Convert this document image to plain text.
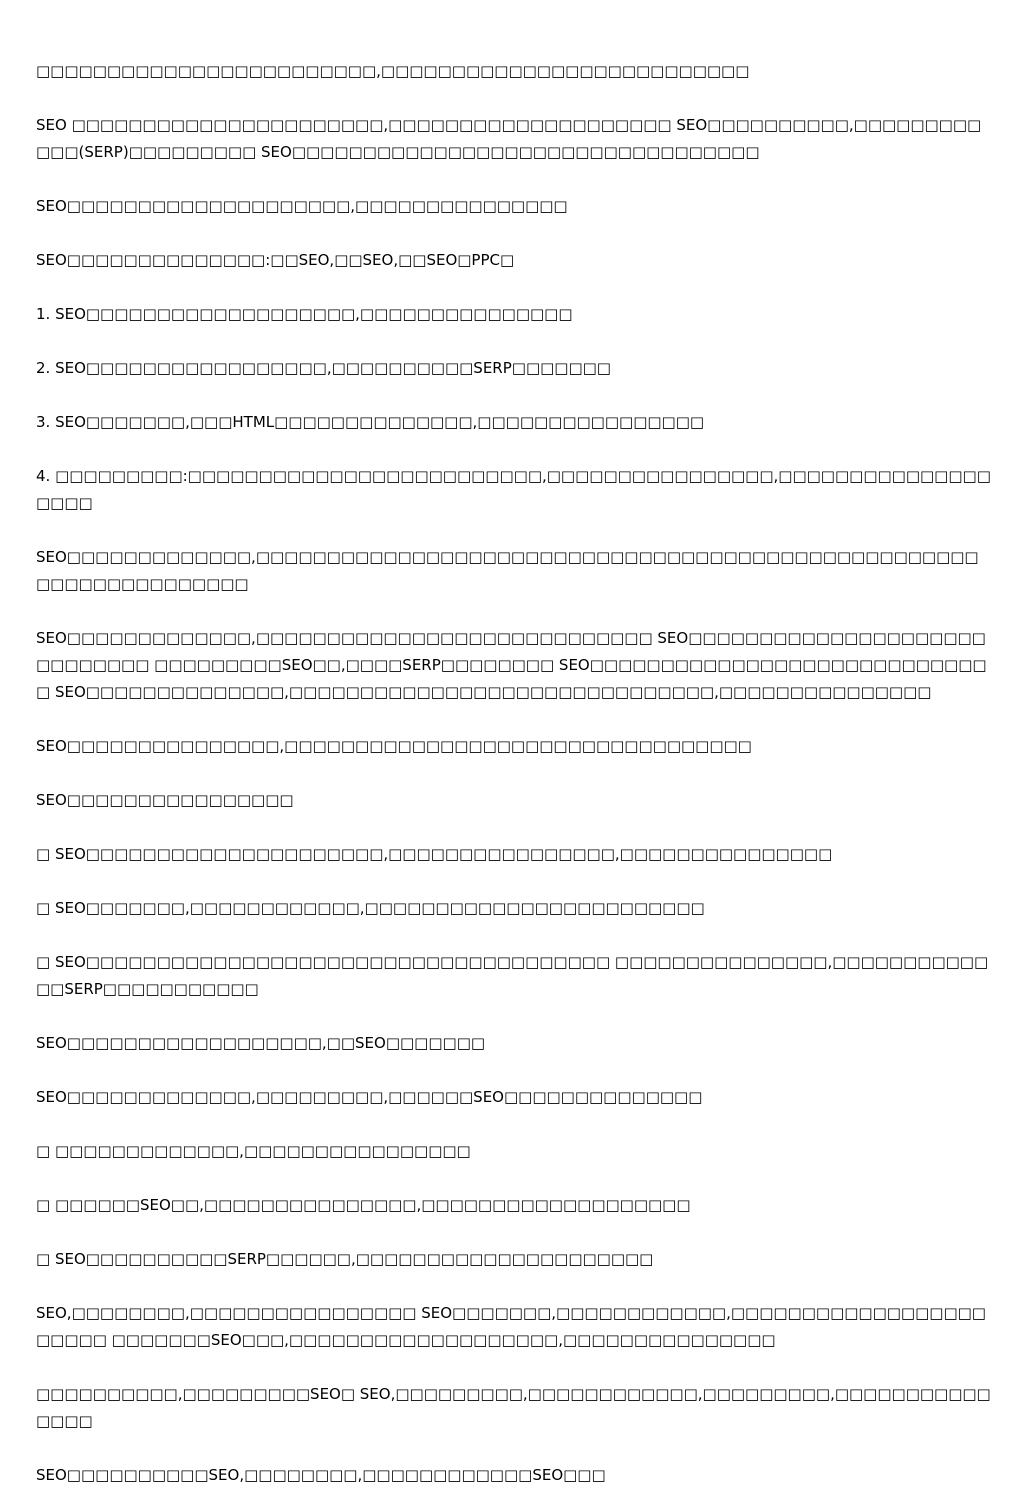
□□□□□□□□□□□□□□□□□□□□□□□□,□□□□□□□□□□□□□□□□□□□□□□□□□□

SEO □□□□□□□□□□□□□□□□□□□□□□,□□□□□□□□□□□□□□□□□□□□ SEO□□□□□□□□□□,□□□□□□□□□□□□(SERP)□□□□□□□□□ SEO□□□□□□□□□□□□□□□□□□□□□□□□□□□□□□□□□

SEO□□□□□□□□□□□□□□□□□□□□,□□□□□□□□□□□□□□□

SEO□□□□□□□□□□□□□□:□□SEO,□□SEO,□□SEO□PPC□

1. SEO□□□□□□□□□□□□□□□□□□□,□□□□□□□□□□□□□□□

2. SEO□□□□□□□□□□□□□□□□□,□□□□□□□□□□SERP□□□□□□□

3. SEO□□□□□□□,□□□HTML□□□□□□□□□□□□□□,□□□□□□□□□□□□□□□□

4. □□□□□□□□□:□□□□□□□□□□□□□□□□□□□□□□□□□,□□□□□□□□□□□□□□□□,□□□□□□□□□□□□□□□□□□□

SEO□□□□□□□□□□□□□,□□□□□□□□□□□□□□□□□□□□□□□□□□□□□□□□□□□□□□□□□□□□□□□□□□□□□□□□□□□□□□□□□□

SEO□□□□□□□□□□□□□,□□□□□□□□□□□□□□□□□□□□□□□□□□□□ SEO□□□□□□□□□□□□□□□□□□□□□□□□□□□□□ □□□□□□□□□SEO□□,□□□□SERP□□□□□□□□ SEO□□□□□□□□□□□□□□□□□□□□□□□□□□□□□ SEO□□□□□□□□□□□□□□,□□□□□□□□□□□□□□□□□□□□□□□□□□□□□□,□□□□□□□□□□□□□□□

SEO□□□□□□□□□□□□□□□,□□□□□□□□□□□□□□□□□□□□□□□□□□□□□□□□□

SEO□□□□□□□□□□□□□□□□

□ SEO□□□□□□□□□□□□□□□□□□□□□,□□□□□□□□□□□□□□□□,□□□□□□□□□□□□□□□

□ SEO□□□□□□□,□□□□□□□□□□□□,□□□□□□□□□□□□□□□□□□□□□□□□

□ SEO□□□□□□□□□□□□□□□□□□□□□□□□□□□□□□□□□□□□□ □□□□□□□□□□□□□□□,□□□□□□□□□□□□□SERP□□□□□□□□□□□

SEO□□□□□□□□□□□□□□□□□□,□□SEO□□□□□□□

SEO□□□□□□□□□□□□□,□□□□□□□□□,□□□□□□SEO□□□□□□□□□□□□□□

□ □□□□□□□□□□□□□,□□□□□□□□□□□□□□□□

□ □□□□□□SEO□□,□□□□□□□□□□□□□□□,□□□□□□□□□□□□□□□□□□□

□ SEO□□□□□□□□□□SERP□□□□□□,□□□□□□□□□□□□□□□□□□□□□

SEO,□□□□□□□□,□□□□□□□□□□□□□□□□ SEO□□□□□□□,□□□□□□□□□□□□,□□□□□□□□□□□□□□□□□□□□□□□ □□□□□□□SEO□□□,□□□□□□□□□□□□□□□□□□□,□□□□□□□□□□□□□□□

□□□□□□□□□□,□□□□□□□□□SEO□ SEO,□□□□□□□□□,□□□□□□□□□□□□,□□□□□□□□□,□□□□□□□□□□□□□□□

SEO□□□□□□□□□□SEO,□□□□□□□□,□□□□□□□□□□□□SEO□□□
